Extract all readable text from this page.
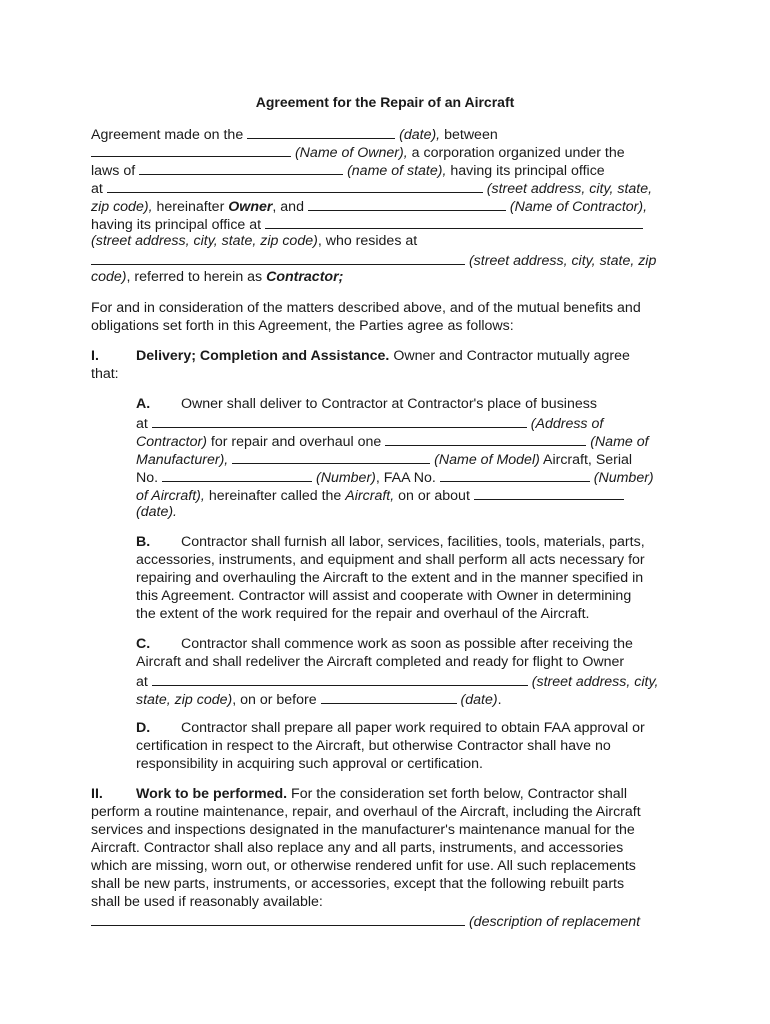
Agreement for the Repair of an Aircraft
Agreement made on the	(date), between
(Name of Owner), a corporation organized under the
laws of	(name of state), having its principal office
at	(street address, city, state,
zip code), hereinafter Owner, and	(Name of Contractor),
having its principal office at
(street address, city, state, zip code), who resides at
(street address, city, state, zip
code), referred to herein as Contractor;
For and in consideration of the matters described above, and of the mutual benefits and
obligations set forth in this Agreement, the Parties agree as follows:
I.	Delivery; Completion and Assistance. Owner and Contractor mutually agree
that:
A. Owner shall deliver to Contractor at Contractor's place of business
at	(Address of
Contractor) for repair and overhaul one	(Name of
Manufacturer),	(Name of Model) Aircraft, Serial
No.	(Number), FAA No.	(Number)
of Aircraft), hereinafter called the Aircraft, on or about
(date).
B. Contractor shall furnish all labor, services, facilities, tools, materials, parts,
accessories, instruments, and equipment and shall perform all acts necessary for
repairing and overhauling the Aircraft to the extent and in the manner specified in
this Agreement. Contractor will assist and cooperate with Owner in determining
the extent of the work required for the repair and overhaul of the Aircraft.
C. Contractor shall commence work as soon as possible after receiving the
Aircraft and shall redeliver the Aircraft completed and ready for flight to Owner
at	(street address, city,
state, zip code), on or before	(date).
D. Contractor shall prepare all paper work required to obtain FAA approval or
certification in respect to the Aircraft, but otherwise Contractor shall have no
responsibility in acquiring such approval or certification.
II. Work to be performed. For the consideration set forth below, Contractor shall
perform a routine maintenance, repair, and overhaul of the Aircraft, including the Aircraft
services and inspections designated in the manufacturer's maintenance manual for the
Aircraft. Contractor shall also replace any and all parts, instruments, and accessories
which are missing, worn out, or otherwise rendered unfit for use. All such replacements
shall be new parts, instruments, or accessories, except that the following rebuilt parts
shall be used if reasonably available:
(description of replacement
